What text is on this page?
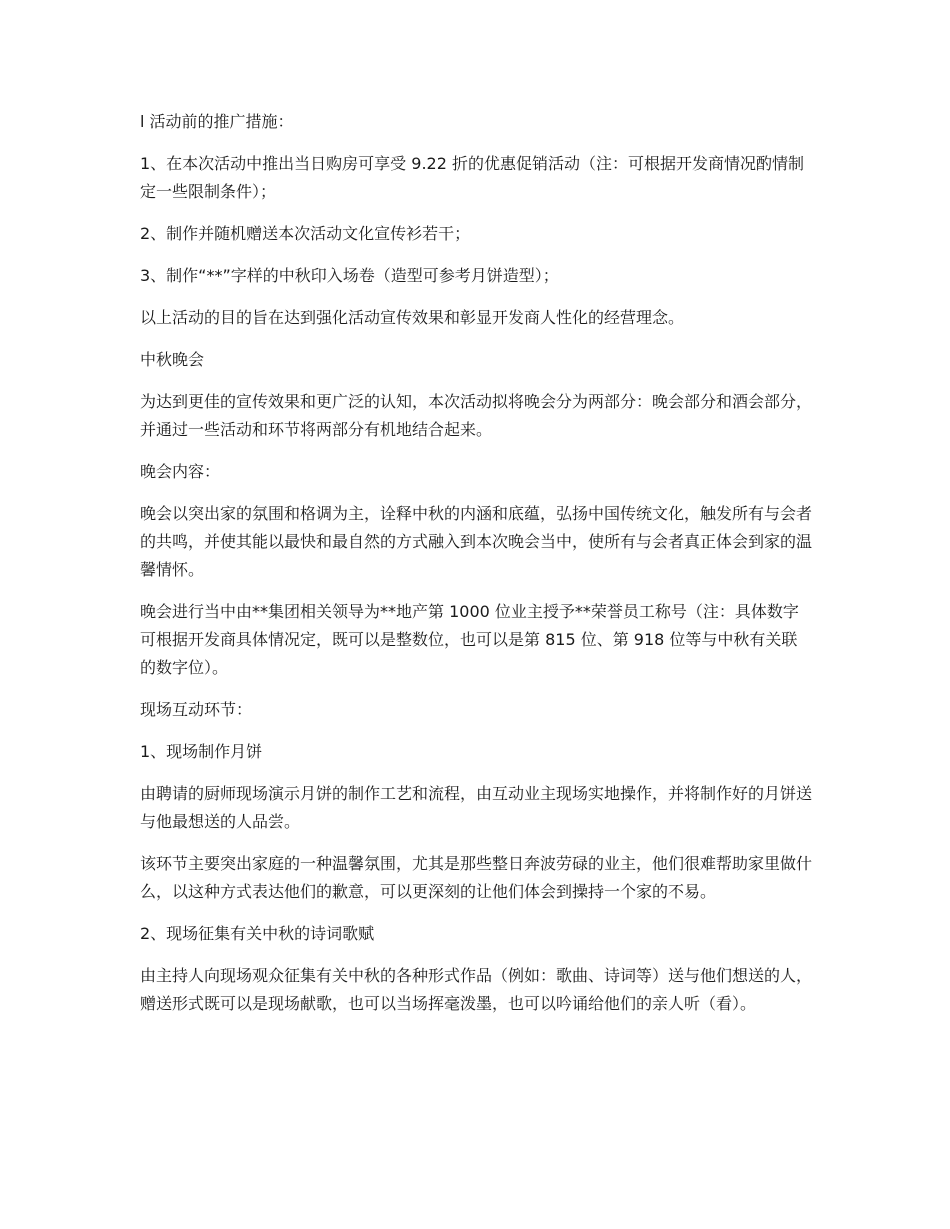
l 活动前的推广措施：

1、在本次活动中推出当日购房可享受 9.22 折的优惠促销活动（注：可根据开发商情况酌情制定一些限制条件）；

2、制作并随机赠送本次活动文化宣传衫若干；

3、制作“**”字样的中秋印入场卷（造型可参考月饼造型）；

以上活动的目的旨在达到强化活动宣传效果和彰显开发商人性化的经营理念。

中秋晚会

为达到更佳的宣传效果和更广泛的认知，本次活动拟将晚会分为两部分：晚会部分和酒会部分，并通过一些活动和环节将两部分有机地结合起来。

晚会内容：

晚会以突出家的氛围和格调为主，诠释中秋的内涵和底蕴，弘扬中国传统文化，触发所有与会者的共鸣，并使其能以最快和最自然的方式融入到本次晚会当中，使所有与会者真正体会到家的温馨情怀。

晚会进行当中由**集团相关领导为**地产第 1000 位业主授予**荣誉员工称号（注：具体数字可根据开发商具体情况定，既可以是整数位，也可以是第 815 位、第 918 位等与中秋有关联的数字位）。

现场互动环节：

1、现场制作月饼

由聘请的厨师现场演示月饼的制作工艺和流程，由互动业主现场实地操作，并将制作好的月饼送与他最想送的人品尝。

该环节主要突出家庭的一种温馨氛围，尤其是那些整日奔波劳碌的业主，他们很难帮助家里做什么，以这种方式表达他们的歉意，可以更深刻的让他们体会到操持一个家的不易。

2、现场征集有关中秋的诗词歌赋

由主持人向现场观众征集有关中秋的各种形式作品（例如：歌曲、诗词等）送与他们想送的人，赠送形式既可以是现场献歌，也可以当场挥毫泼墨，也可以吟诵给他们的亲人听（看）。
